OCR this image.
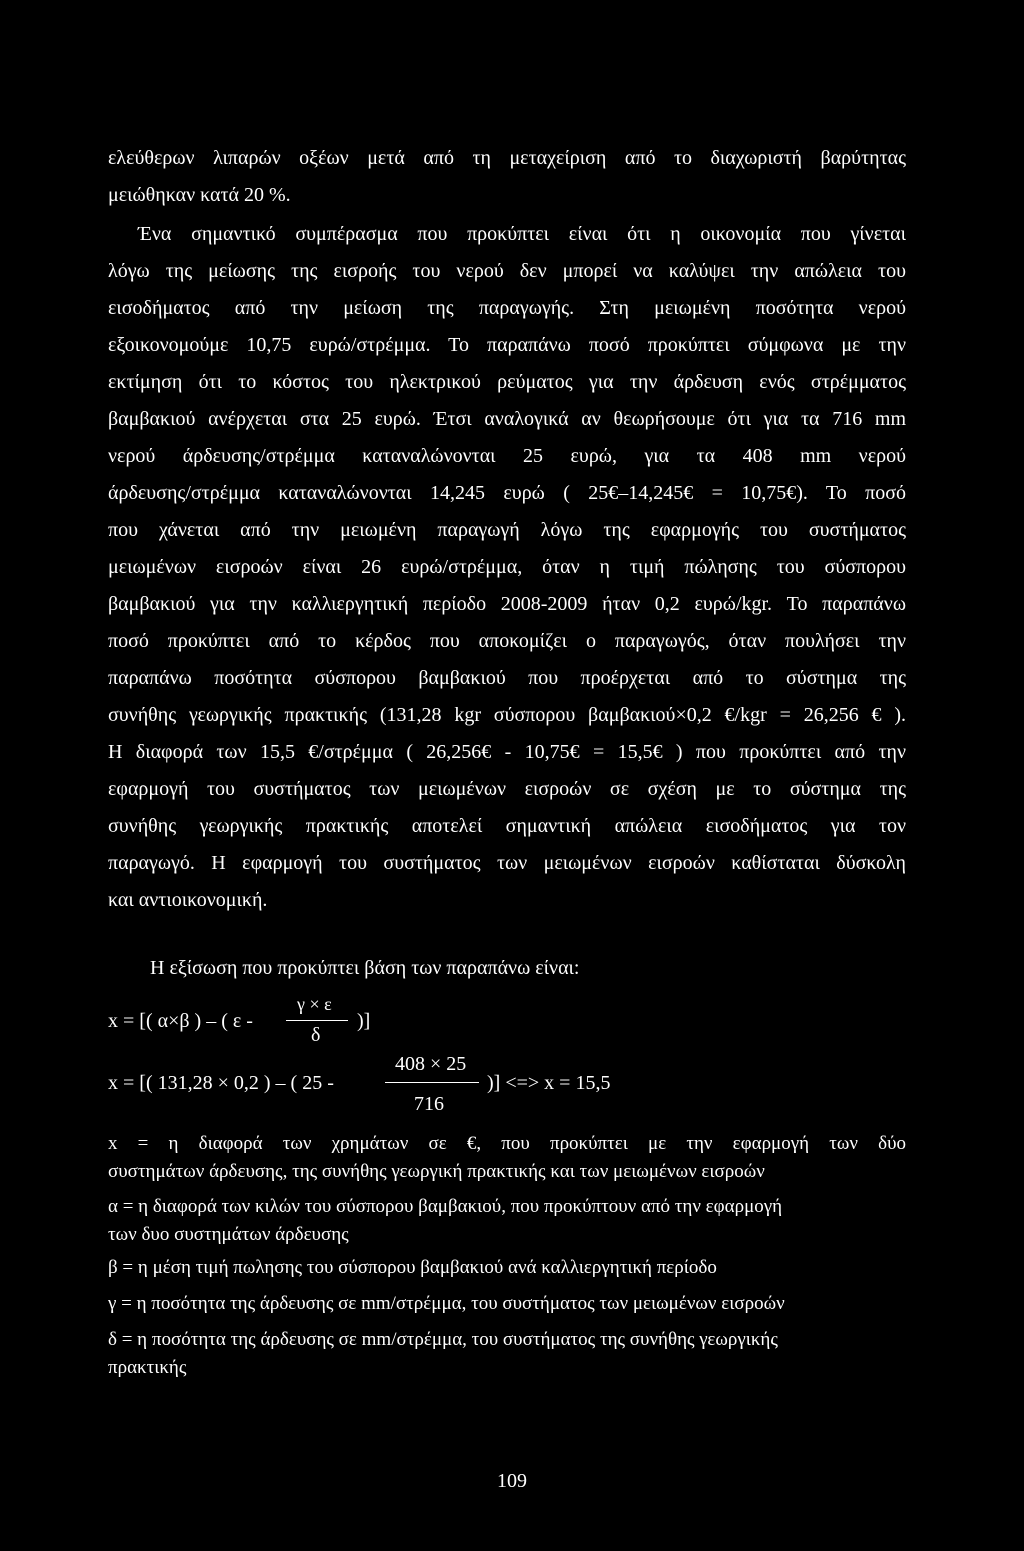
ελεύθερων λιπαρών οξέων μετά από τη μεταχείριση από το διαχωριστή βαρύτητας
μειώθηκαν κατά 20 %.
Ένα σημαντικό συμπέρασμα που προκύπτει είναι ότι η οικονομία που γίνεται
λόγω της μείωσης της εισροής του νερού δεν μπορεί να καλύψει την απώλεια του
εισοδήματος από την μείωση της παραγωγής. Στη μειωμένη ποσότητα νερού
εξοικονομούμε 10,75 ευρώ/στρέμμα. Το παραπάνω ποσό προκύπτει σύμφωνα με την
εκτίμηση ότι το κόστος του ηλεκτρικού ρεύματος για την άρδευση ενός στρέμματος
βαμβακιού ανέρχεται στα 25 ευρώ. Έτσι αναλογικά αν θεωρήσουμε ότι για τα 716 mm
νερού άρδευσης/στρέμμα καταναλώνονται 25 ευρώ, για τα 408 mm νερού
άρδευσης/στρέμμα καταναλώνονται 14,245 ευρώ ( 25€–14,245€ = 10,75€). Το ποσό
που χάνεται από την μειωμένη παραγωγή λόγω της εφαρμογής του συστήματος
μειωμένων εισροών είναι 26 ευρώ/στρέμμα, όταν η τιμή πώλησης του σύσπορου
βαμβακιού για την καλλιεργητική περίοδο 2008-2009 ήταν 0,2 ευρώ/kgr. Το παραπάνω
ποσό προκύπτει από το κέρδος που αποκομίζει ο παραγωγός, όταν πουλήσει την
παραπάνω ποσότητα σύσπορου βαμβακιού που προέρχεται από το σύστημα της
συνήθης γεωργικής πρακτικής (131,28 kgr σύσπορου βαμβακιού×0,2 €/kgr = 26,256 € ).
Η διαφορά των 15,5 €/στρέμμα ( 26,256€ - 10,75€ = 15,5€ ) που προκύπτει από την
εφαρμογή του συστήματος των μειωμένων εισροών σε σχέση με το σύστημα της
συνήθης γεωργικής πρακτικής αποτελεί σημαντική απώλεια εισοδήματος για τον
παραγωγό. Η εφαρμογή του συστήματος των μειωμένων εισροών καθίσταται δύσκολη
και αντιοικονομική.
Η εξίσωση που προκύπτει βάση των παραπάνω είναι:
x = [( α×β ) – ( ε -
γ × ε
δ
)]
x = [( 131,28 × 0,2 ) – ( 25 -
408 × 25
716
)] <=> x = 15,5
x = η διαφορά των χρημάτων σε €, που προκύπτει με την εφαρμογή των δύο
συστημάτων άρδευσης, της συνήθης γεωργική πρακτικής και των μειωμένων εισροών
α = η διαφορά των κιλών του σύσπορου βαμβακιού, που προκύπτουν από την εφαρμογή
των δυο συστημάτων άρδευσης
β = η μέση τιμή πωλησης του σύσπορου βαμβακιού ανά καλλιεργητική περίοδο
γ = η ποσότητα της άρδευσης σε mm/στρέμμα, του συστήματος των μειωμένων εισροών
δ = η ποσότητα της άρδευσης σε mm/στρέμμα, του συστήματος της συνήθης γεωργικής
πρακτικής
109
